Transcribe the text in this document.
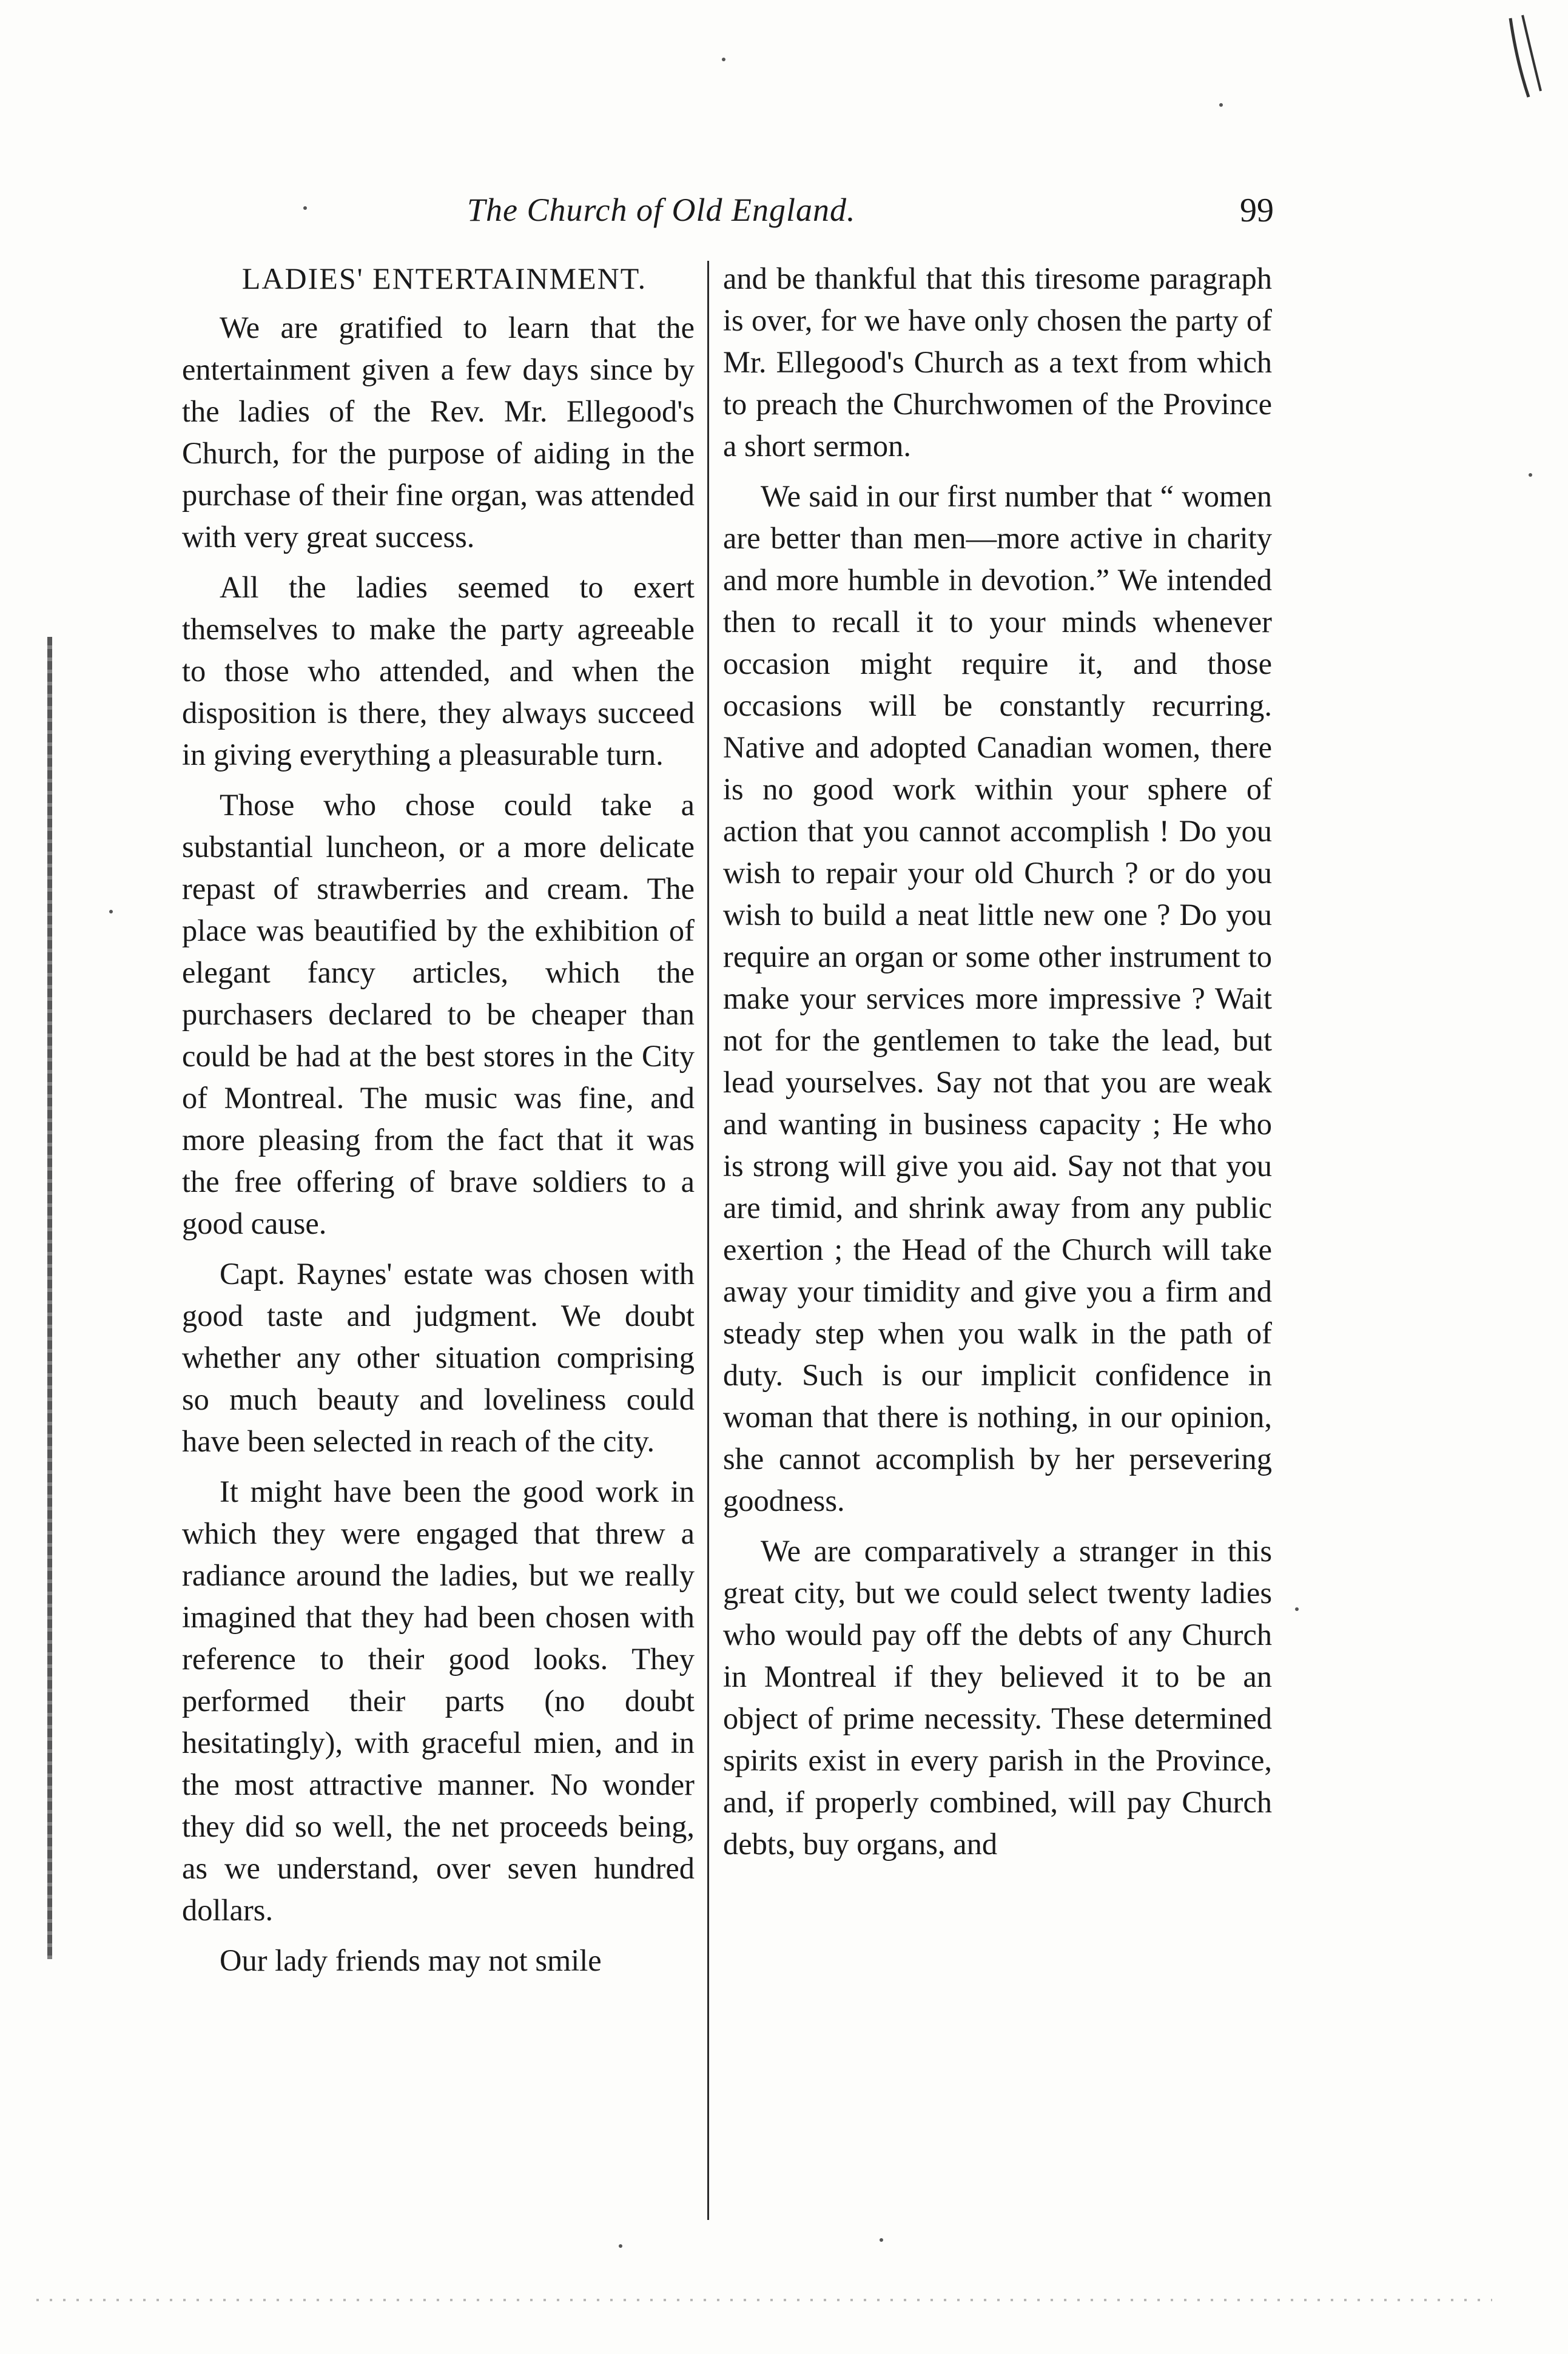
The Church of Old England.	99
LADIES' ENTERTAINMENT.

We are gratified to learn that the entertainment given a few days since by the ladies of the Rev. Mr. Ellegood's Church, for the purpose of aiding in the purchase of their fine organ, was attended with very great success.

All the ladies seemed to exert themselves to make the party agreeable to those who attended, and when the disposition is there, they always succeed in giving everything a pleasurable turn.

Those who chose could take a substantial luncheon, or a more delicate repast of strawberries and cream. The place was beautified by the exhibition of elegant fancy articles, which the purchasers declared to be cheaper than could be had at the best stores in the City of Montreal. The music was fine, and more pleasing from the fact that it was the free offering of brave soldiers to a good cause.

Capt. Raynes' estate was chosen with good taste and judgment. We doubt whether any other situation comprising so much beauty and loveliness could have been selected in reach of the city.

It might have been the good work in which they were engaged that threw a radiance around the ladies, but we really imagined that they had been chosen with reference to their good looks. They performed their parts (no doubt hesitatingly), with graceful mien, and in the most attractive manner. No wonder they did so well, the net proceeds being, as we understand, over seven hundred dollars.

Our lady friends may not smile

and be thankful that this tiresome paragraph is over, for we have only chosen the party of Mr. Ellegood's Church as a text from which to preach the Churchwomen of the Province a short sermon.

We said in our first number that “ women are better than men—more active in charity and more humble in devotion.” We intended then to recall it to your minds whenever occasion might require it, and those occasions will be constantly recurring. Native and adopted Canadian women, there is no good work within your sphere of action that you cannot accomplish ! Do you wish to repair your old Church ? or do you wish to build a neat little new one ? Do you require an organ or some other instrument to make your services more impressive ? Wait not for the gentlemen to take the lead, but lead yourselves. Say not that you are weak and wanting in business capacity ; He who is strong will give you aid. Say not that you are timid, and shrink away from any public exertion ; the Head of the Church will take away your timidity and give you a firm and steady step when you walk in the path of duty. Such is our implicit confidence in woman that there is nothing, in our opinion, she cannot accomplish by her persevering goodness.

We are comparatively a stranger in this great city, but we could select twenty ladies who would pay off the debts of any Church in Montreal if they believed it to be an object of prime necessity. These determined spirits exist in every parish in the Province, and, if properly combined, will pay Church debts, buy organs, and
